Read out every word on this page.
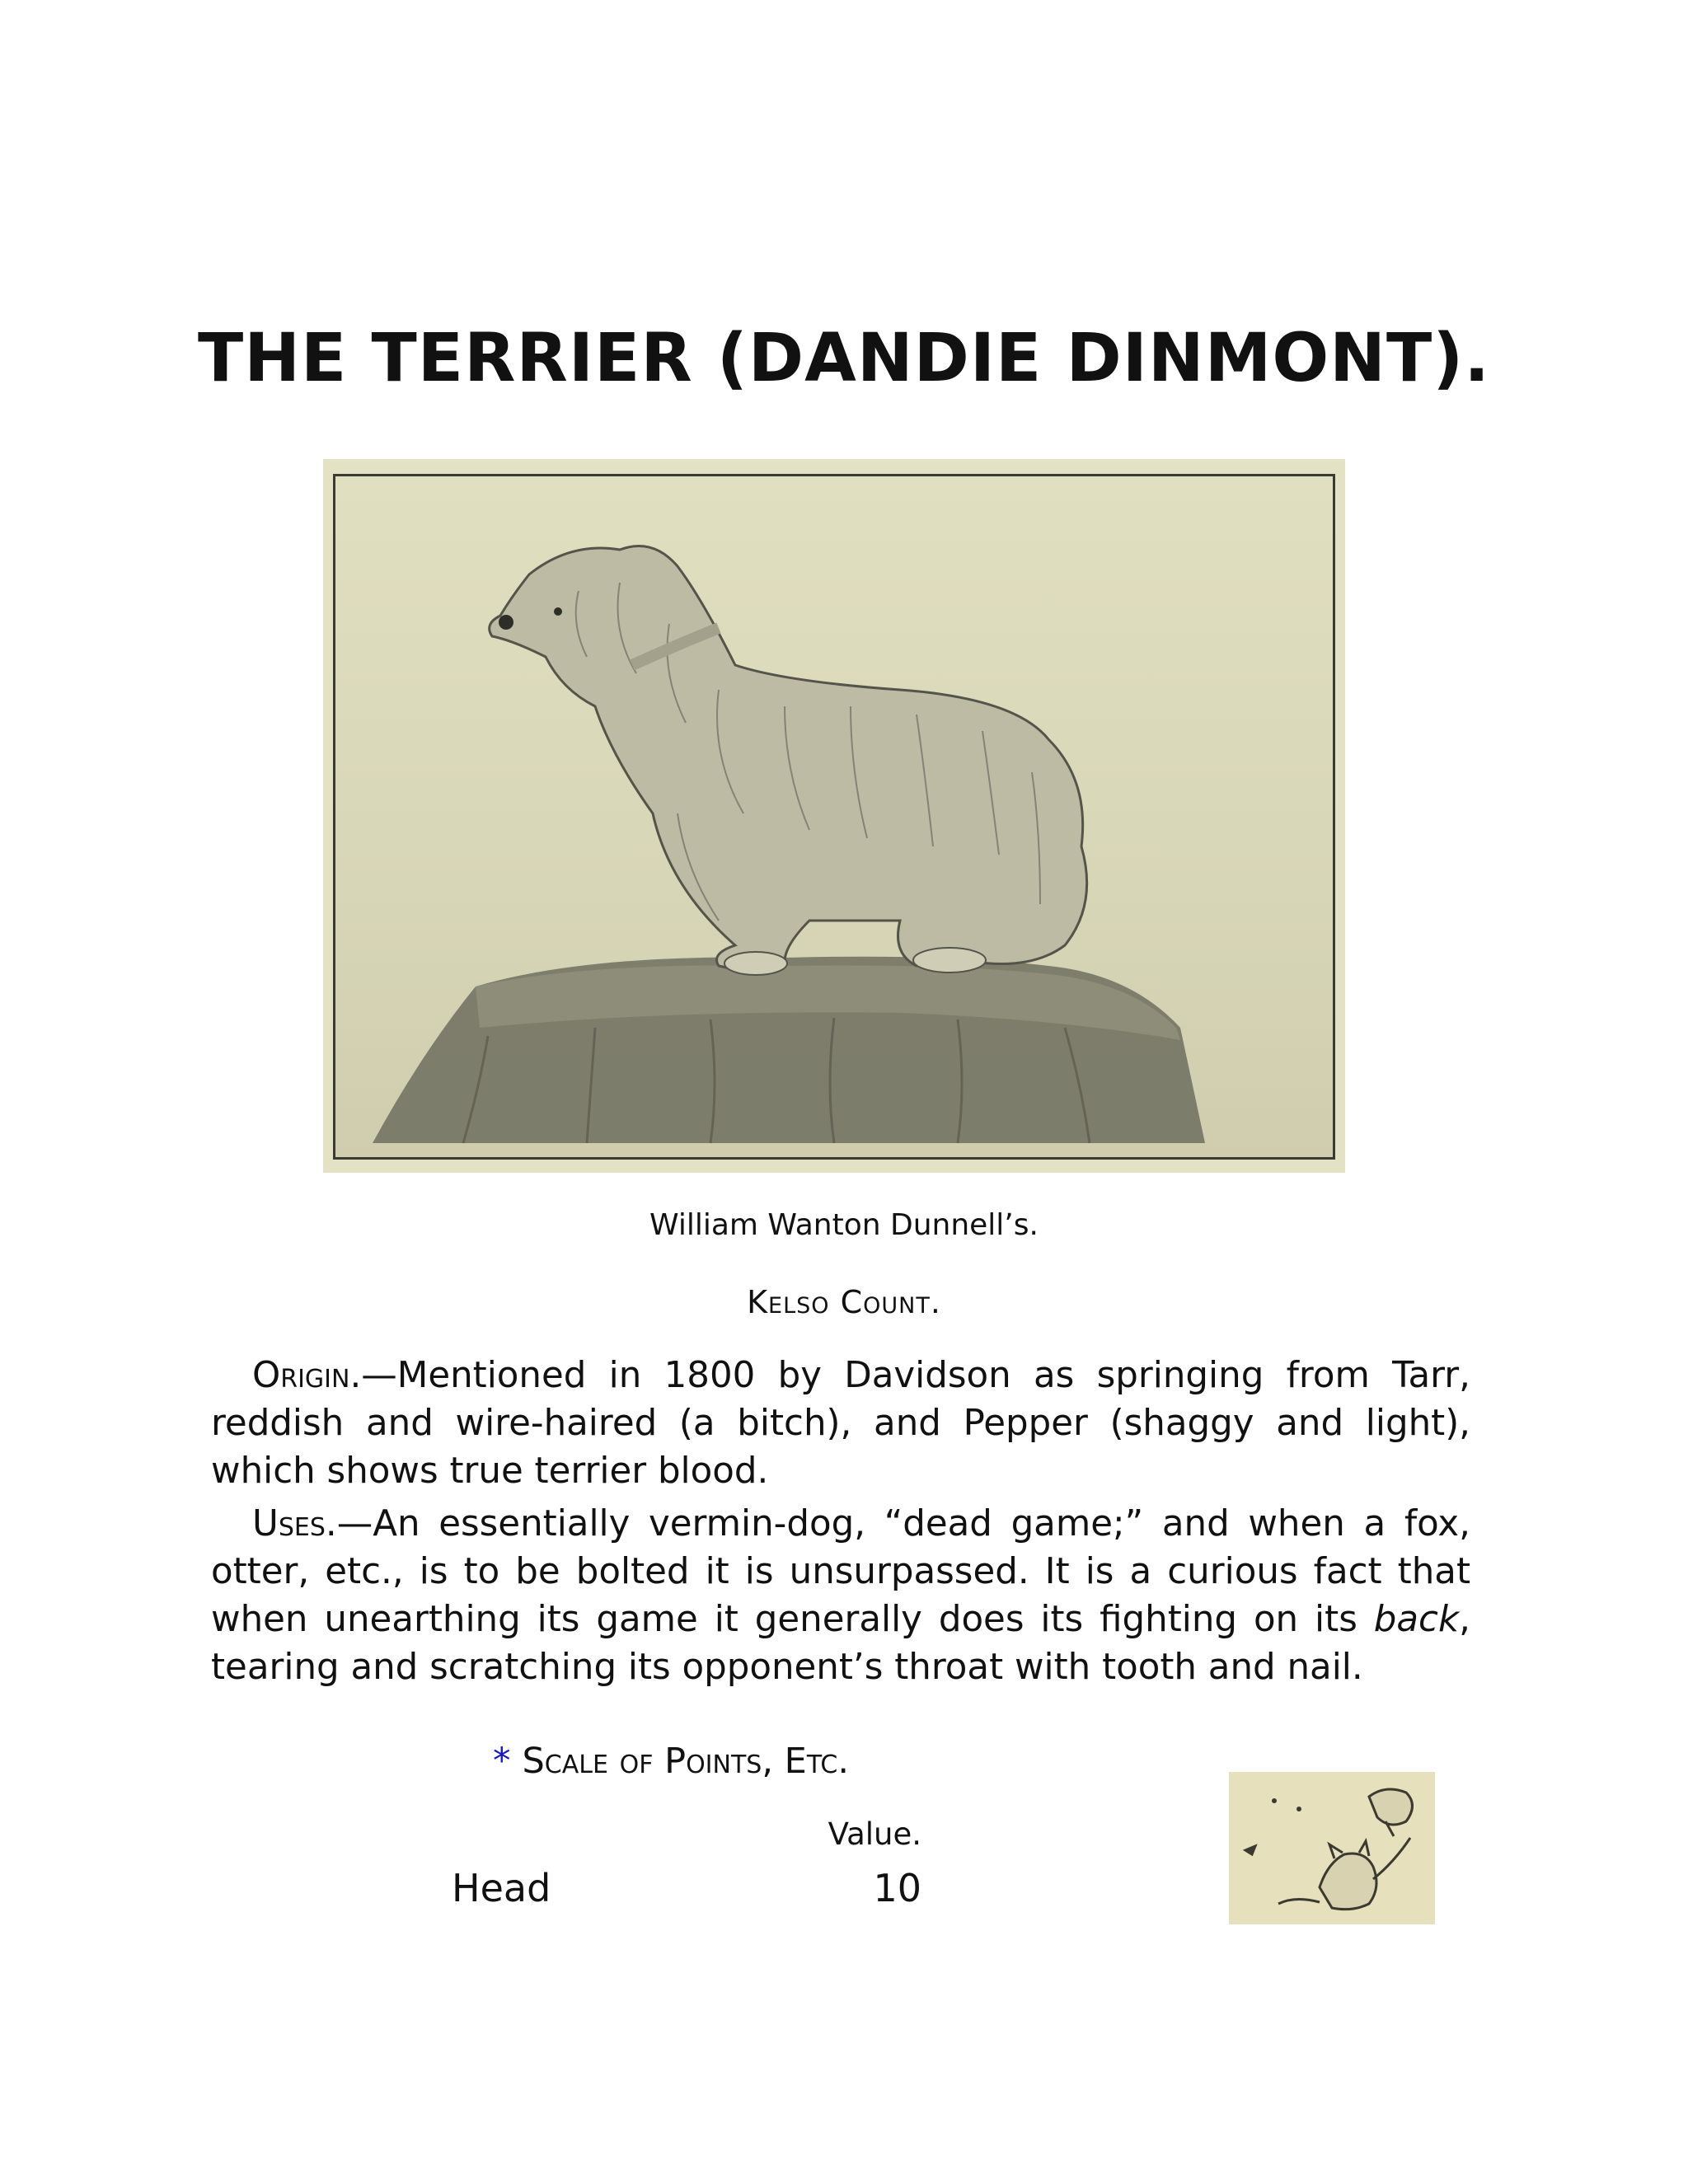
THE TERRIER (DANDIE DINMONT).

William Wanton Dunnell’s.

Kelso Count.

Origin.—Mentioned in 1800 by Davidson as springing from Tarr, reddish and wire-haired (a bitch), and Pepper (shaggy and light), which shows true terrier blood.

Uses.—An essentially vermin-dog, “dead game;” and when a fox, otter, etc., is to be bolted it is unsurpassed. It is a curious fact that when unearthing its game it generally does its fighting on its back, tearing and scratching its opponent’s throat with tooth and nail.

* Scale of Points, Etc.

Value.

Head	10
